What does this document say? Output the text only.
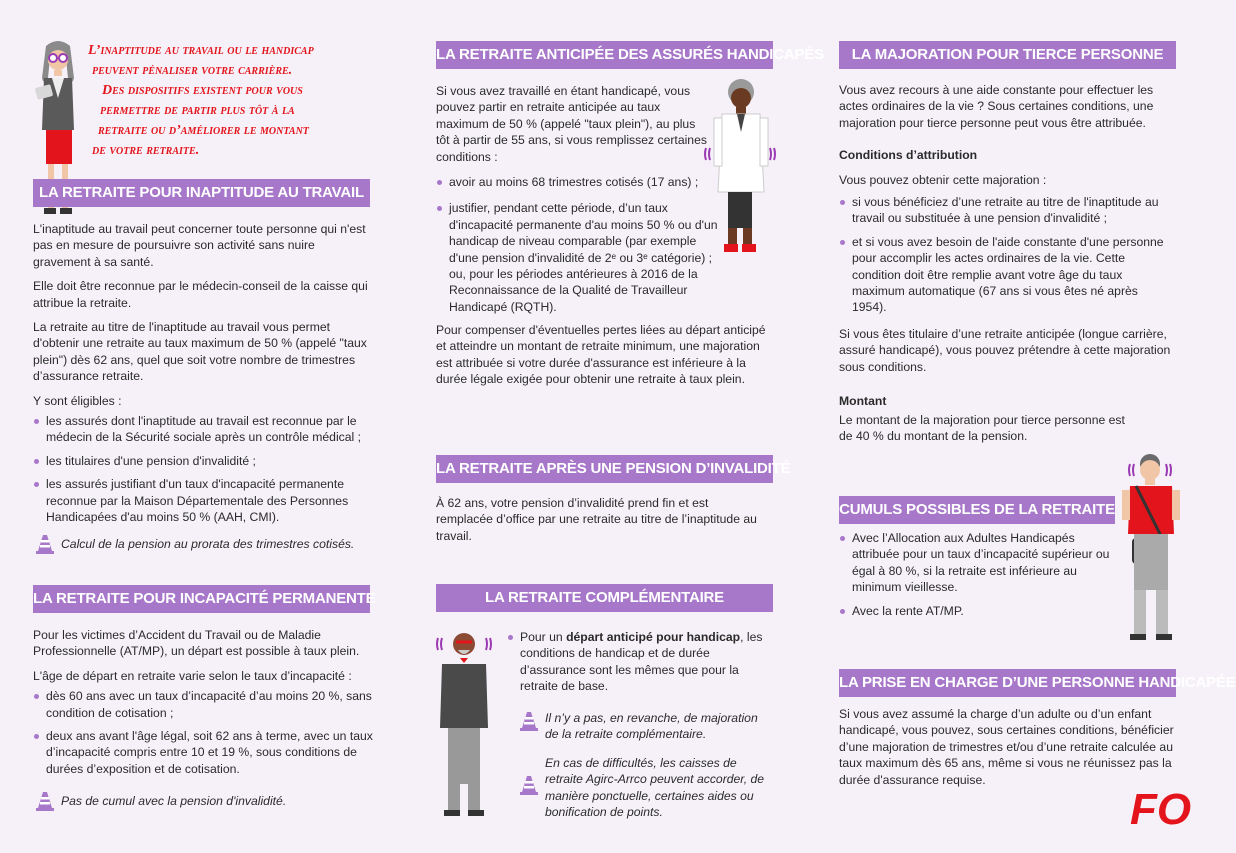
L’inaptitude au travail ou le handicap
peuvent pénaliser votre carrière.
Des dispositifs existent pour vous
permettre de partir plus tôt à la
retraite ou d’améliorer le montant
de votre retraite.
LA RETRAITE POUR INAPTITUDE AU TRAVAIL

L'inaptitude au travail peut concerner toute personne qui n'est pas en mesure de poursuivre son activité sans nuire gravement à sa santé.

Elle doit être reconnue par le médecin-conseil de la caisse qui attribue la retraite.

La retraite au titre de l'inaptitude au travail vous permet d'obtenir une retraite au taux maximum de 50 % (appelé "taux plein") dès 62 ans, quel que soit votre nombre de trimestres d’assurance retraite.

Y sont éligibles :

les assurés dont l'inaptitude au travail est reconnue par le médecin de la Sécurité sociale après un contrôle médical ;
les titulaires d'une pension d'invalidité ;
les assurés justifiant d'un taux d'incapacité permanente reconnue par la Maison Départementale des Personnes Handicapées d'au moins 50 % (AAH, CMI).
Calcul de la pension au prorata des trimestres cotisés.
LA RETRAITE POUR INCAPACITÉ PERMANENTE

Pour les victimes d’Accident du Travail ou de Maladie Professionnelle (AT/MP), un départ est possible à taux plein.

L'âge de départ en retraite varie selon le taux d’incapacité :

dès 60 ans avec un taux d’incapacité d’au moins 20 %, sans condition de cotisation ;
deux ans avant l'âge légal, soit 62 ans à terme, avec un taux d’incapacité compris entre 10 et 19 %, sous conditions de durées d’exposition et de cotisation.
Pas de cumul avec la pension d'invalidité.
LA RETRAITE ANTICIPÉE DES ASSURÉS HANDICAPÉS

Si vous avez travaillé en étant handicapé, vous pouvez partir en retraite anticipée au taux maximum de 50 % (appelé "taux plein"), au plus tôt à partir de 55 ans, si vous remplissez certaines conditions :

avoir au moins 68 trimestres cotisés (17 ans) ;
justifier, pendant cette période, d’un taux d'incapacité permanente d'au moins 50 % ou d'un handicap de niveau comparable (par exemple d'une pension d'invalidité de 2ᵉ ou 3ᵉ catégorie) ; ou, pour les périodes antérieures à 2016 de la Reconnaissance de la Qualité de Travailleur Handicapé (RQTH).

Pour compenser d'éventuelles pertes liées au départ anticipé et atteindre un montant de retraite minimum, une majoration est attribuée si votre durée d'assurance est inférieure à la durée légale exigée pour obtenir une retraite à taux plein.

LA RETRAITE APRÈS UNE PENSION D’INVALIDITÉ

À 62 ans, votre pension d’invalidité prend fin et est remplacée d’office par une retraite au titre de l’inaptitude au travail.

LA RETRAITE COMPLÉMENTAIRE
Pour un départ anticipé pour handicap, les conditions de handicap et de durée d’assurance sont les mêmes que pour la retraite de base.
Il n’y a pas, en revanche, de majoration de la retraite complémentaire.
En cas de difficultés, les caisses de retraite Agirc-Arrco peuvent accorder, de manière ponctuelle, certaines aides ou bonification de points.
LA MAJORATION POUR TIERCE PERSONNE

Vous avez recours à une aide constante pour effectuer les actes ordinaires de la vie ? Sous certaines conditions, une majoration pour tierce personne peut vous être attribuée.

Conditions d’attribution

Vous pouvez obtenir cette majoration :

si vous bénéficiez d’une retraite au titre de l'inaptitude au travail ou substituée à une pension d'invalidité ;
et si vous avez besoin de l'aide constante d'une personne pour accomplir les actes ordinaires de la vie. Cette condition doit être remplie avant votre âge du taux maximum automatique (67 ans si vous êtes né après 1954).

Si vous êtes titulaire d’une retraite anticipée (longue carrière, assuré handicapé), vous pouvez prétendre à cette majoration sous conditions.

Montant

Le montant de la majoration pour tierce personne est de 40 % du montant de la pension.

CUMULS POSSIBLES DE LA RETRAITE
Avec l’Allocation aux Adultes Handicapés attribuée pour un taux d’incapacité supérieur ou égal à 80 %, si la retraite est inférieure au minimum vieillesse.
Avec la rente AT/MP.
LA PRISE EN CHARGE D’UNE PERSONNE HANDICAPÉE

Si vous avez assumé la charge d’un adulte ou d’un enfant handicapé, vous pouvez, sous certaines conditions, bénéficier d’une majoration de trimestres et/ou d’une retraite calculée au taux maximum dès 65 ans, même si vous ne réunissez pas la durée d'assurance requise.

FO
